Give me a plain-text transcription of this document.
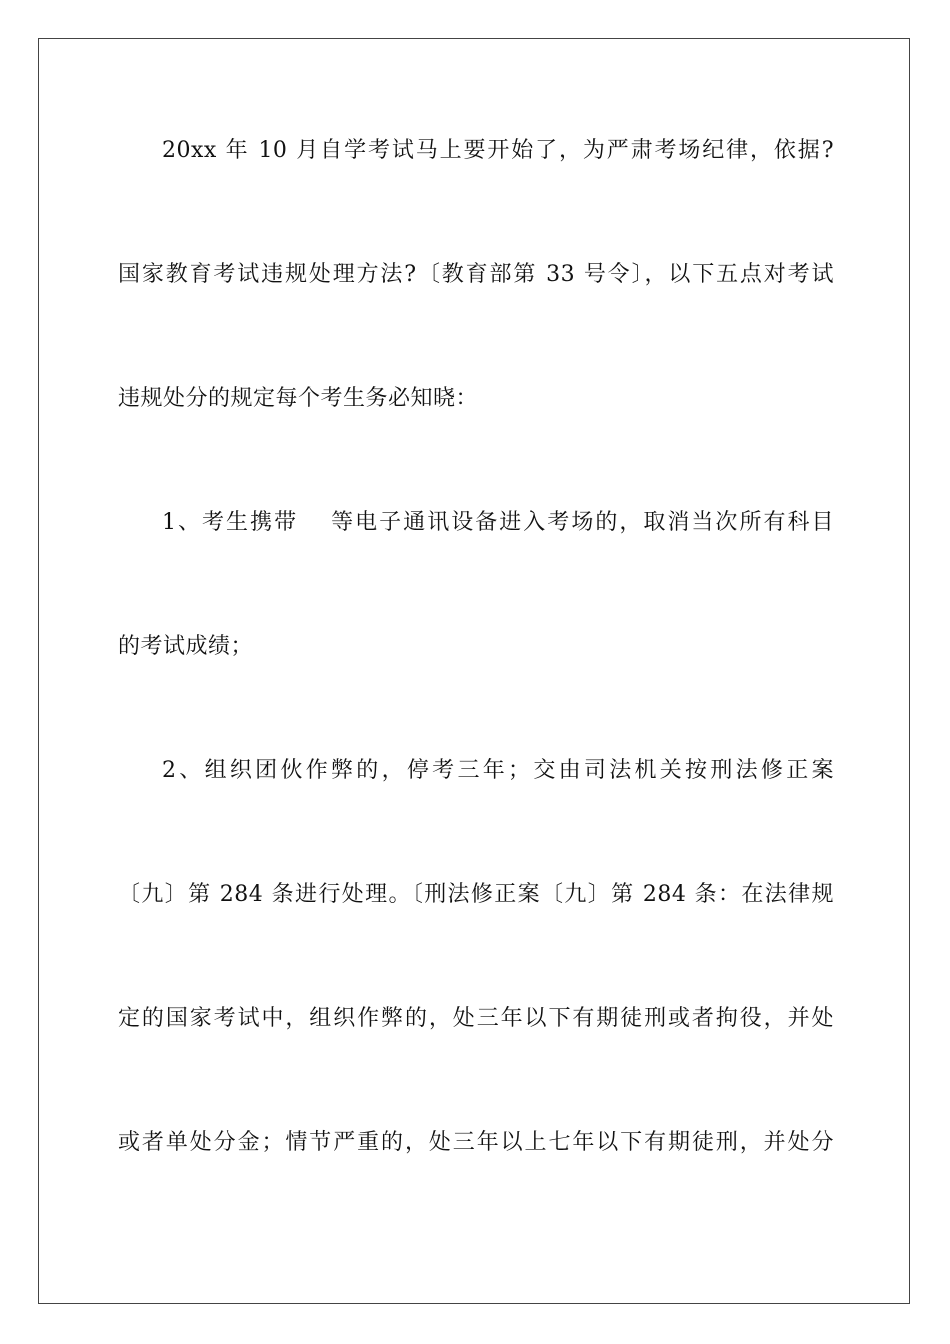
20xx 年 10 月自学考试马上要开始了，为严肃考场纪律，依据?
国家教育考试违规处理方法?〔教育部第 33 号令〕，以下五点对考试
违规处分的规定每个考生务必知晓：
1、考生携带　 等电子通讯设备进入考场的，取消当次所有科目
的考试成绩；
2、组织团伙作弊的，停考三年；交由司法机关按刑法修正案
〔九〕第 284 条进行处理。〔刑法修正案〔九〕第 284 条：在法律规
定的国家考试中，组织作弊的，处三年以下有期徒刑或者拘役，并处
或者单处分金；情节严重的，处三年以上七年以下有期徒刑，并处分
